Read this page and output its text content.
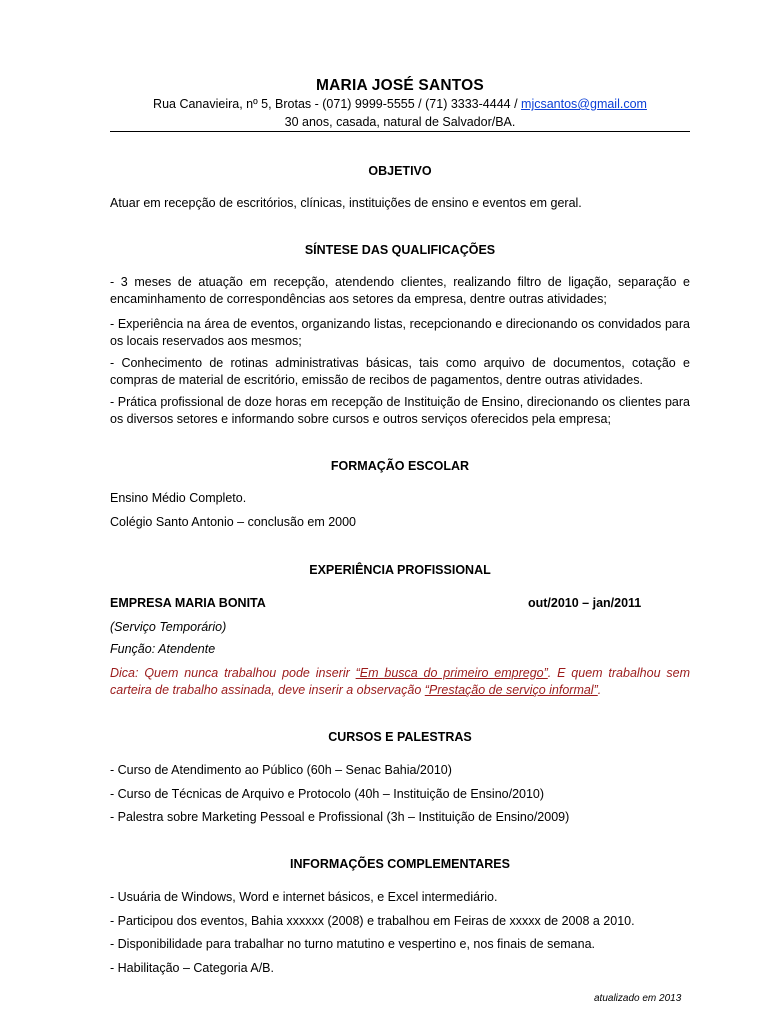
MARIA JOSÉ SANTOS
Rua Canavieira, nº 5, Brotas - (071) 9999-5555 / (71) 3333-4444 / mjcsantos@gmail.com
30 anos, casada, natural de Salvador/BA.
OBJETIVO
Atuar em recepção de escritórios, clínicas, instituições de ensino e eventos em geral.
SÍNTESE DAS QUALIFICAÇÕES
- 3 meses de atuação em recepção, atendendo clientes, realizando filtro de ligação, separação e encaminhamento de correspondências aos setores da empresa, dentre outras atividades;
- Experiência na área de eventos, organizando listas, recepcionando e direcionando os convidados para os locais reservados aos mesmos;
- Conhecimento de rotinas administrativas básicas, tais como arquivo de documentos, cotação e compras de material de escritório, emissão de recibos de pagamentos, dentre outras atividades.
- Prática profissional de doze horas em recepção de Instituição de Ensino, direcionando os clientes para os diversos setores e informando sobre cursos e outros serviços oferecidos pela empresa;
FORMAÇÃO ESCOLAR
Ensino Médio Completo.
Colégio Santo Antonio – conclusão em 2000
EXPERIÊNCIA PROFISSIONAL
EMPRESA MARIA BONITA	out/2010 – jan/2011
(Serviço Temporário)
Função: Atendente
Dica: Quem nunca trabalhou pode inserir “Em busca do primeiro emprego”. E quem trabalhou sem carteira de trabalho assinada, deve inserir a observação “Prestação de serviço informal”.
CURSOS E PALESTRAS
- Curso de Atendimento ao Público (60h – Senac Bahia/2010)
- Curso de Técnicas de Arquivo e Protocolo (40h – Instituição de Ensino/2010)
- Palestra sobre Marketing Pessoal e Profissional (3h – Instituição de Ensino/2009)
INFORMAÇÕES COMPLEMENTARES
- Usuária de Windows, Word e internet básicos, e Excel intermediário.
- Participou dos eventos, Bahia xxxxxx (2008) e trabalhou em Feiras de xxxxx de 2008 a 2010.
- Disponibilidade para trabalhar no turno matutino e vespertino e, nos finais de semana.
- Habilitação – Categoria A/B.
atualizado em 2013
